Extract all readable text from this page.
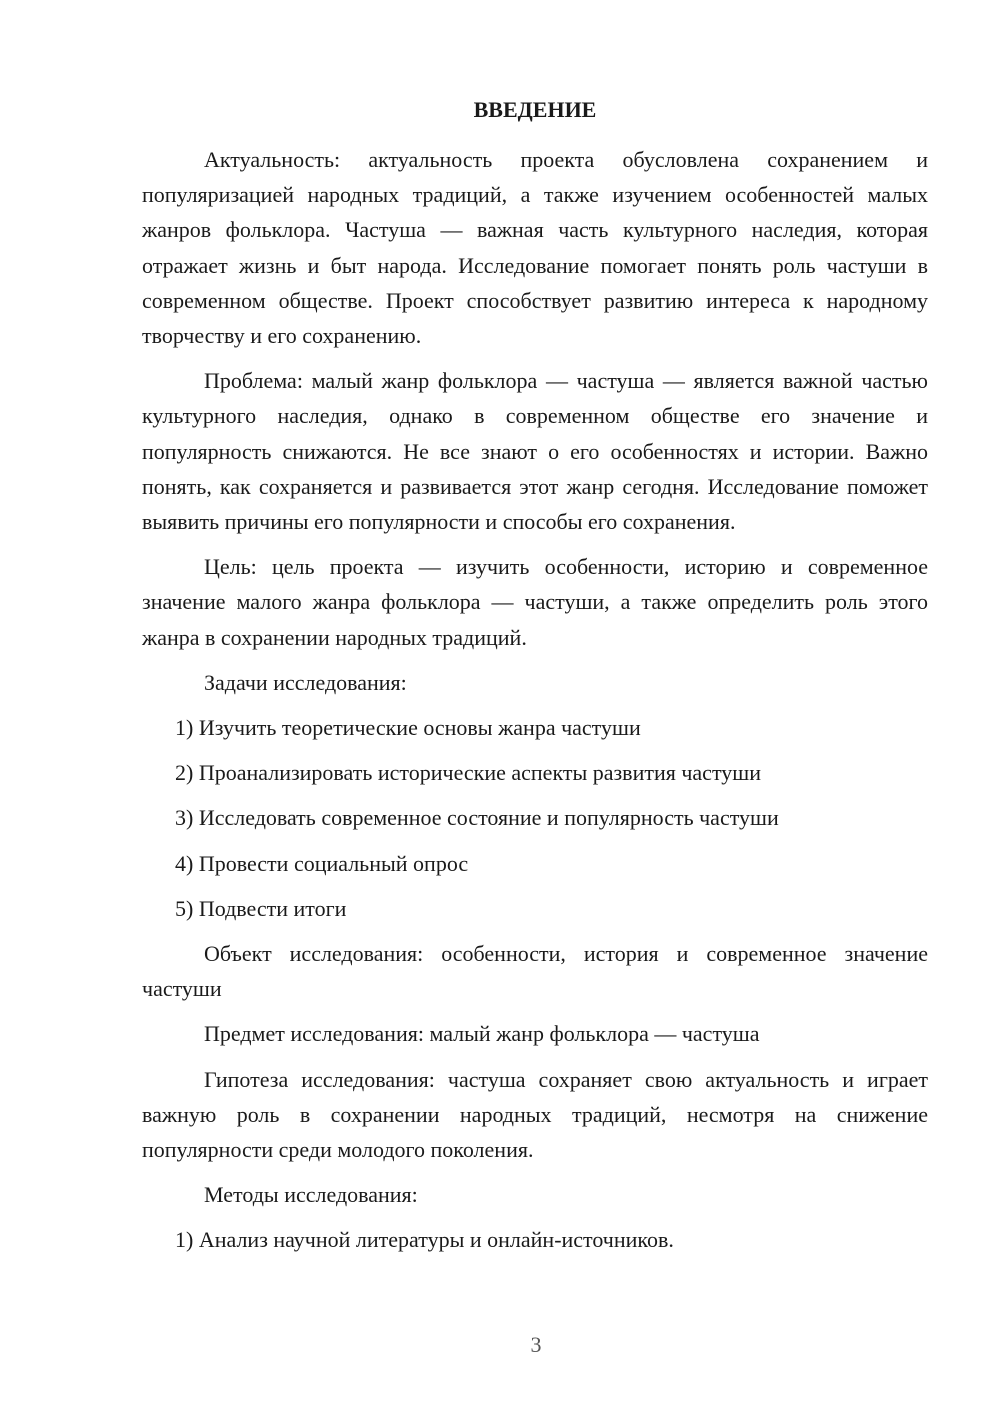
ВВЕДЕНИЕ

Актуальность: актуальность проекта обусловлена сохранением и популяризацией народных традиций, а также изучением особенностей малых жанров фольклора. Частуша — важная часть культурного наследия, которая отражает жизнь и быт народа. Исследование помогает понять роль частуши в современном обществе. Проект способствует развитию интереса к народному творчеству и его сохранению.

Проблема: малый жанр фольклора — частуша — является важной частью культурного наследия, однако в современном обществе его значение и популярность снижаются. Не все знают о его особенностях и истории. Важно понять, как сохраняется и развивается этот жанр сегодня. Исследование поможет выявить причины его популярности и способы его сохранения.

Цель: цель проекта — изучить особенности, историю и современное значение малого жанра фольклора — частуши, а также определить роль этого жанра в сохранении народных традиций.

Задачи исследования:

1) Изучить теоретические основы жанра частуши
2) Проанализировать исторические аспекты развития частуши
3) Исследовать современное состояние и популярность частуши
4) Провести социальный опрос
5) Подвести итоги

Объект исследования: особенности, история и современное значение частуши

Предмет исследования: малый жанр фольклора — частуша

Гипотеза исследования: частуша сохраняет свою актуальность и играет важную роль в сохранении народных традиций, несмотря на снижение популярности среди молодого поколения.

Методы исследования:

1) Анализ научной литературы и онлайн-источников.
3
